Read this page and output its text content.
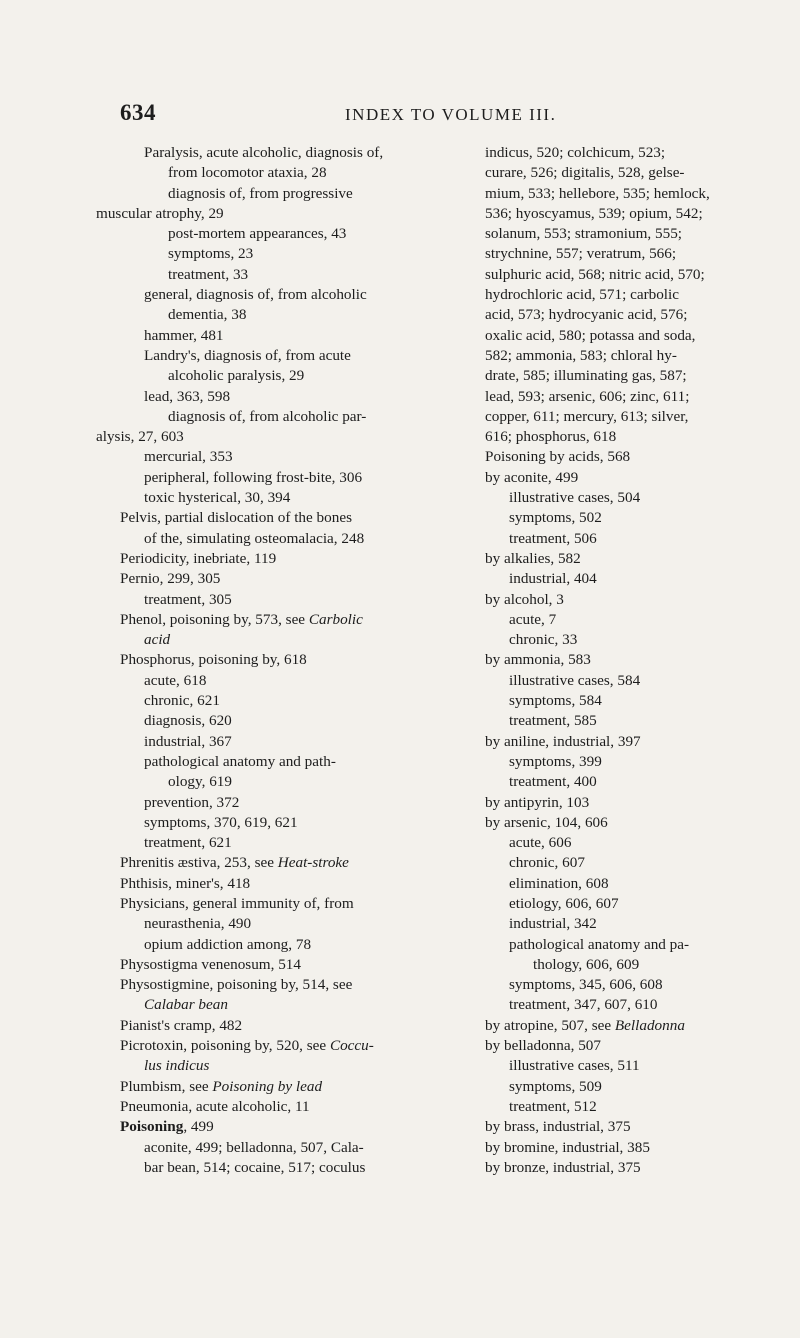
634	INDEX TO VOLUME III.
Paralysis, acute alcoholic, diagnosis of,
from locomotor ataxia, 28
diagnosis of, from progressive
muscular atrophy, 29
post-mortem appearances, 43
symptoms, 23
treatment, 33
general, diagnosis of, from alcoholic
dementia, 38
hammer, 481
Landry's, diagnosis of, from acute
alcoholic paralysis, 29
lead, 363, 598
diagnosis of, from alcoholic par-
alysis, 27, 603
mercurial, 353
peripheral, following frost-bite, 306
toxic hysterical, 30, 394
Pelvis, partial dislocation of the bones
of the, simulating osteomalacia, 248
Periodicity, inebriate, 119
Pernio, 299, 305
treatment, 305
Phenol, poisoning by, 573, see Carbolic
acid
Phosphorus, poisoning by, 618
acute, 618
chronic, 621
diagnosis, 620
industrial, 367
pathological anatomy and path-
ology, 619
prevention, 372
symptoms, 370, 619, 621
treatment, 621
Phrenitis æstiva, 253, see Heat-stroke
Phthisis, miner's, 418
Physicians, general immunity of, from
neurasthenia, 490
opium addiction among, 78
Physostigma venenosum, 514
Physostigmine, poisoning by, 514, see
Calabar bean
Pianist's cramp, 482
Picrotoxin, poisoning by, 520, see Coccu-
lus indicus
Plumbism, see Poisoning by lead
Pneumonia, acute alcoholic, 11
Poisoning, 499
aconite, 499; belladonna, 507, Cala-
bar bean, 514; cocaine, 517; coculus
indicus, 520; colchicum, 523;
curare, 526; digitalis, 528, gelse-
mium, 533; hellebore, 535; hemlock,
536; hyoscyamus, 539; opium, 542;
solanum, 553; stramonium, 555;
strychnine, 557; veratrum, 566;
sulphuric acid, 568; nitric acid, 570;
hydrochloric acid, 571; carbolic
acid, 573; hydrocyanic acid, 576;
oxalic acid, 580; potassa and soda,
582; ammonia, 583; chloral hy-
drate, 585; illuminating gas, 587;
lead, 593; arsenic, 606; zinc, 611;
copper, 611; mercury, 613; silver,
616; phosphorus, 618
Poisoning by acids, 568
by aconite, 499
illustrative cases, 504
symptoms, 502
treatment, 506
by alkalies, 582
industrial, 404
by alcohol, 3
acute, 7
chronic, 33
by ammonia, 583
illustrative cases, 584
symptoms, 584
treatment, 585
by aniline, industrial, 397
symptoms, 399
treatment, 400
by antipyrin, 103
by arsenic, 104, 606
acute, 606
chronic, 607
elimination, 608
etiology, 606, 607
industrial, 342
pathological anatomy and pa-
thology, 606, 609
symptoms, 345, 606, 608
treatment, 347, 607, 610
by atropine, 507, see Belladonna
by belladonna, 507
illustrative cases, 511
symptoms, 509
treatment, 512
by brass, industrial, 375
by bromine, industrial, 385
by bronze, industrial, 375
